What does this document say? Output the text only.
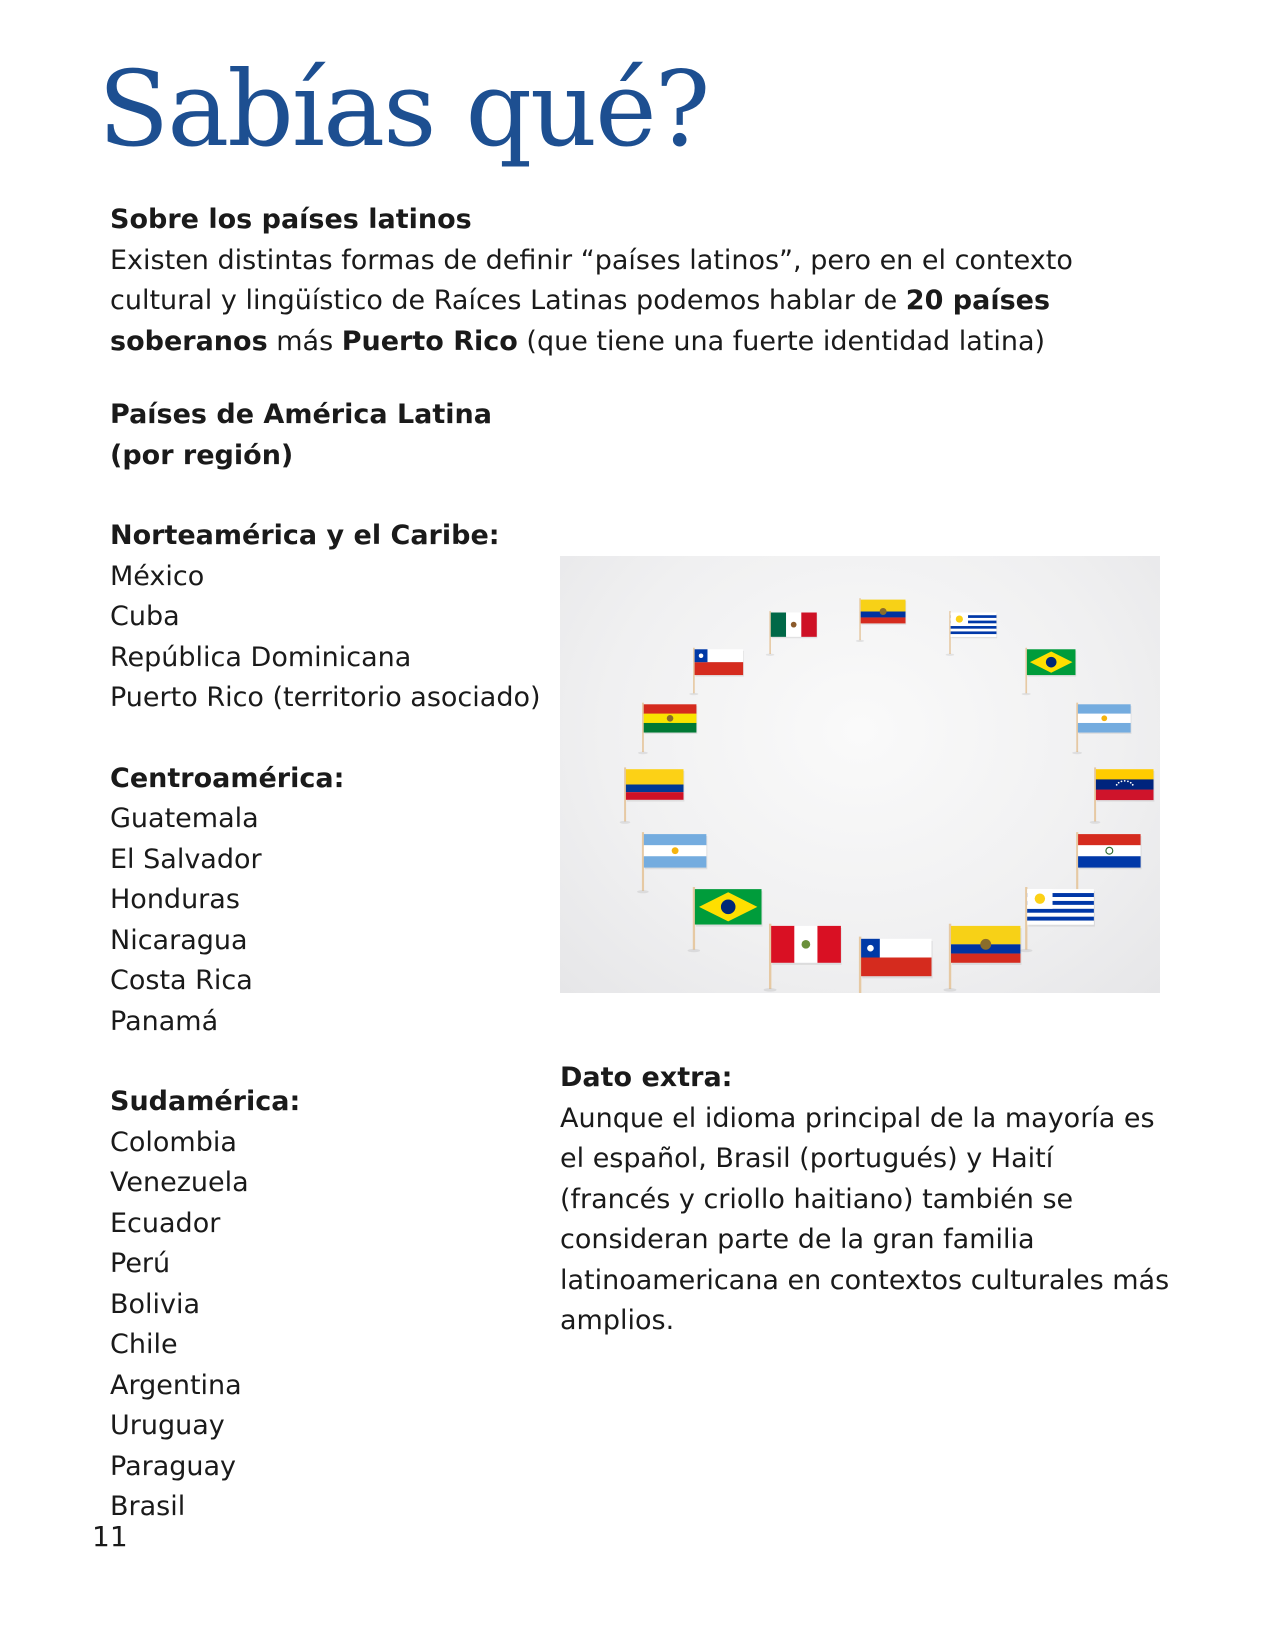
Sabías qué?
Sobre los países latinos
Existen distintas formas de definir “países latinos”, pero en el contexto cultural y lingüístico de Raíces Latinas podemos hablar de 20 países soberanos más Puerto Rico (que tiene una fuerte identidad latina)
Países de América Latina (por región)
Norteamérica y el Caribe:
México
Cuba
República Dominicana
Puerto Rico (territorio asociado)
Centroamérica:
Guatemala
El Salvador
Honduras
Nicaragua
Costa Rica
Panamá
Sudamérica:
Colombia
Venezuela
Ecuador
Perú
Bolivia
Chile
Argentina
Uruguay
Paraguay
Brasil
Dato extra:
Aunque el idioma principal de la mayoría es el español, Brasil (portugués) y Haití (francés y criollo haitiano) también se consideran parte de la gran familia latinoamericana en contextos culturales más amplios.
11
